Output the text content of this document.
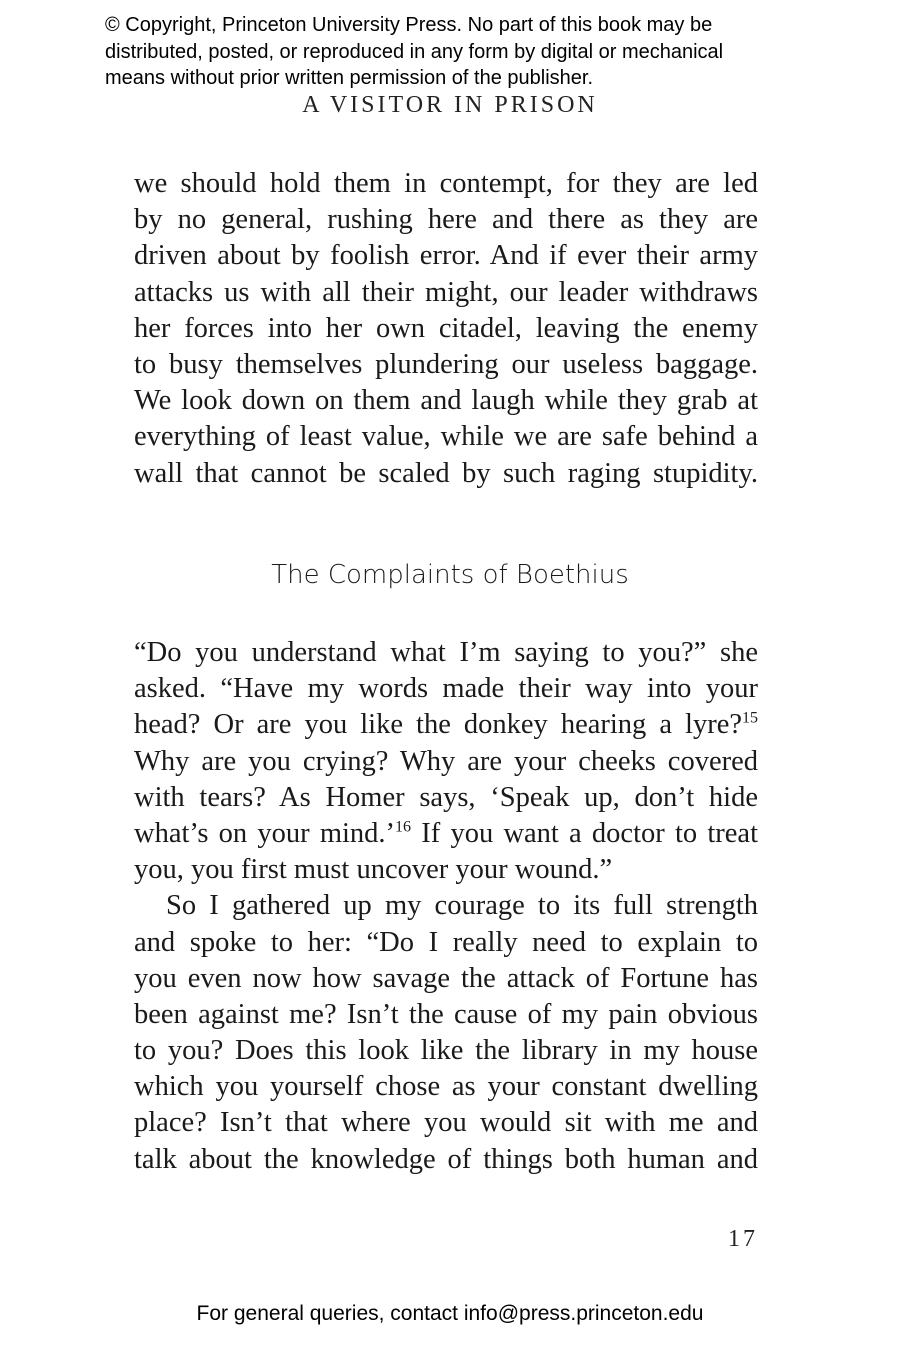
© Copyright, Princeton University Press. No part of this book may be
distributed, posted, or reproduced in any form by digital or mechanical
means without prior written permission of the publisher.
A VISITOR IN PRISON
we should hold them in contempt, for they are led
by no general, rushing here and there as they are
driven about by foolish error. And if ever their army
attacks us with all their might, our leader withdraws
her forces into her own citadel, leaving the enemy
to busy themselves plundering our useless baggage.
We look down on them and laugh while they grab at
everything of least value, while we are safe behind a
wall that cannot be scaled by such raging stupidity.
The Complaints of Boethius
“Do you understand what I’m saying to you?” she
asked. “Have my words made their way into your
head? Or are you like the donkey hearing a lyre?$^{15}$
Why are you crying? Why are your cheeks covered
with tears? As Homer says, ‘Speak up, don’t hide
what’s on your mind.’$^{16}$ If you want a doctor to treat
you, you first must uncover your wound.”
So I gathered up my courage to its full strength
and spoke to her: “Do I really need to explain to
you even now how savage the attack of Fortune has
been against me? Isn’t the cause of my pain obvious
to you? Does this look like the library in my house
which you yourself chose as your constant dwelling
place? Isn’t that where you would sit with me and
talk about the knowledge of things both human and
17
For general queries, contact info@press.princeton.edu
